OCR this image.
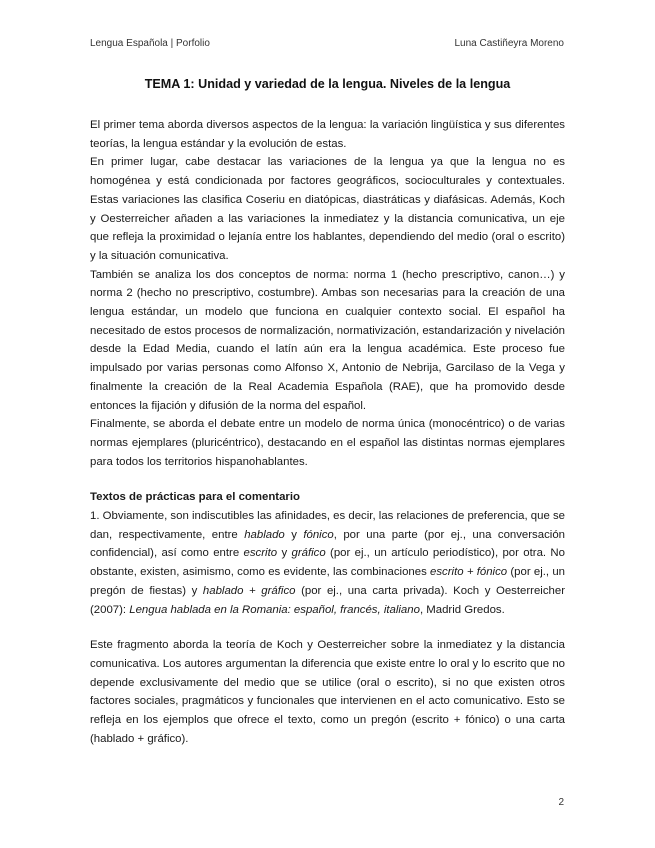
Lengua Española | Porfolio	Luna Castiñeyra Moreno
TEMA 1: Unidad y variedad de la lengua. Niveles de la lengua

El primer tema aborda diversos aspectos de la lengua: la variación lingüística y sus diferentes teorías, la lengua estándar y la evolución de estas.

En primer lugar, cabe destacar las variaciones de la lengua ya que la lengua no es homogénea y está condicionada por factores geográficos, socioculturales y contextuales. Estas variaciones las clasifica Coseriu en diatópicas, diastráticas y diafásicas. Además, Koch y Oesterreicher añaden a las variaciones la inmediatez y la distancia comunicativa, un eje que refleja la proximidad o lejanía entre los hablantes, dependiendo del medio (oral o escrito) y la situación comunicativa.

También se analiza los dos conceptos de norma: norma 1 (hecho prescriptivo, canon…) y norma 2 (hecho no prescriptivo, costumbre). Ambas son necesarias para la creación de una lengua estándar, un modelo que funciona en cualquier contexto social. El español ha necesitado de estos procesos de normalización, normativización, estandarización y nivelación desde la Edad Media, cuando el latín aún era la lengua académica. Este proceso fue impulsado por varias personas como Alfonso X, Antonio de Nebrija, Garcilaso de la Vega y finalmente la creación de la Real Academia Española (RAE), que ha promovido desde entonces la fijación y difusión de la norma del español.

Finalmente, se aborda el debate entre un modelo de norma única (monocéntrico) o de varias normas ejemplares (pluricéntrico), destacando en el español las distintas normas ejemplares para todos los territorios hispanohablantes.

Textos de prácticas para el comentario

1. Obviamente, son indiscutibles las afinidades, es decir, las relaciones de preferencia, que se dan, respectivamente, entre hablado y fónico, por una parte (por ej., una conversación confidencial), así como entre escrito y gráfico (por ej., un artículo periodístico), por otra. No obstante, existen, asimismo, como es evidente, las combinaciones escrito + fónico (por ej., un pregón de fiestas) y hablado + gráfico (por ej., una carta privada). Koch y Oesterreicher (2007): Lengua hablada en la Romania: español, francés, italiano, Madrid Gredos.

Este fragmento aborda la teoría de Koch y Oesterreicher sobre la inmediatez y la distancia comunicativa. Los autores argumentan la diferencia que existe entre lo oral y lo escrito que no depende exclusivamente del medio que se utilice (oral o escrito), si no que existen otros factores sociales, pragmáticos y funcionales que intervienen en el acto comunicativo. Esto se refleja en los ejemplos que ofrece el texto, como un pregón (escrito + fónico) o una carta (hablado + gráfico).

2
